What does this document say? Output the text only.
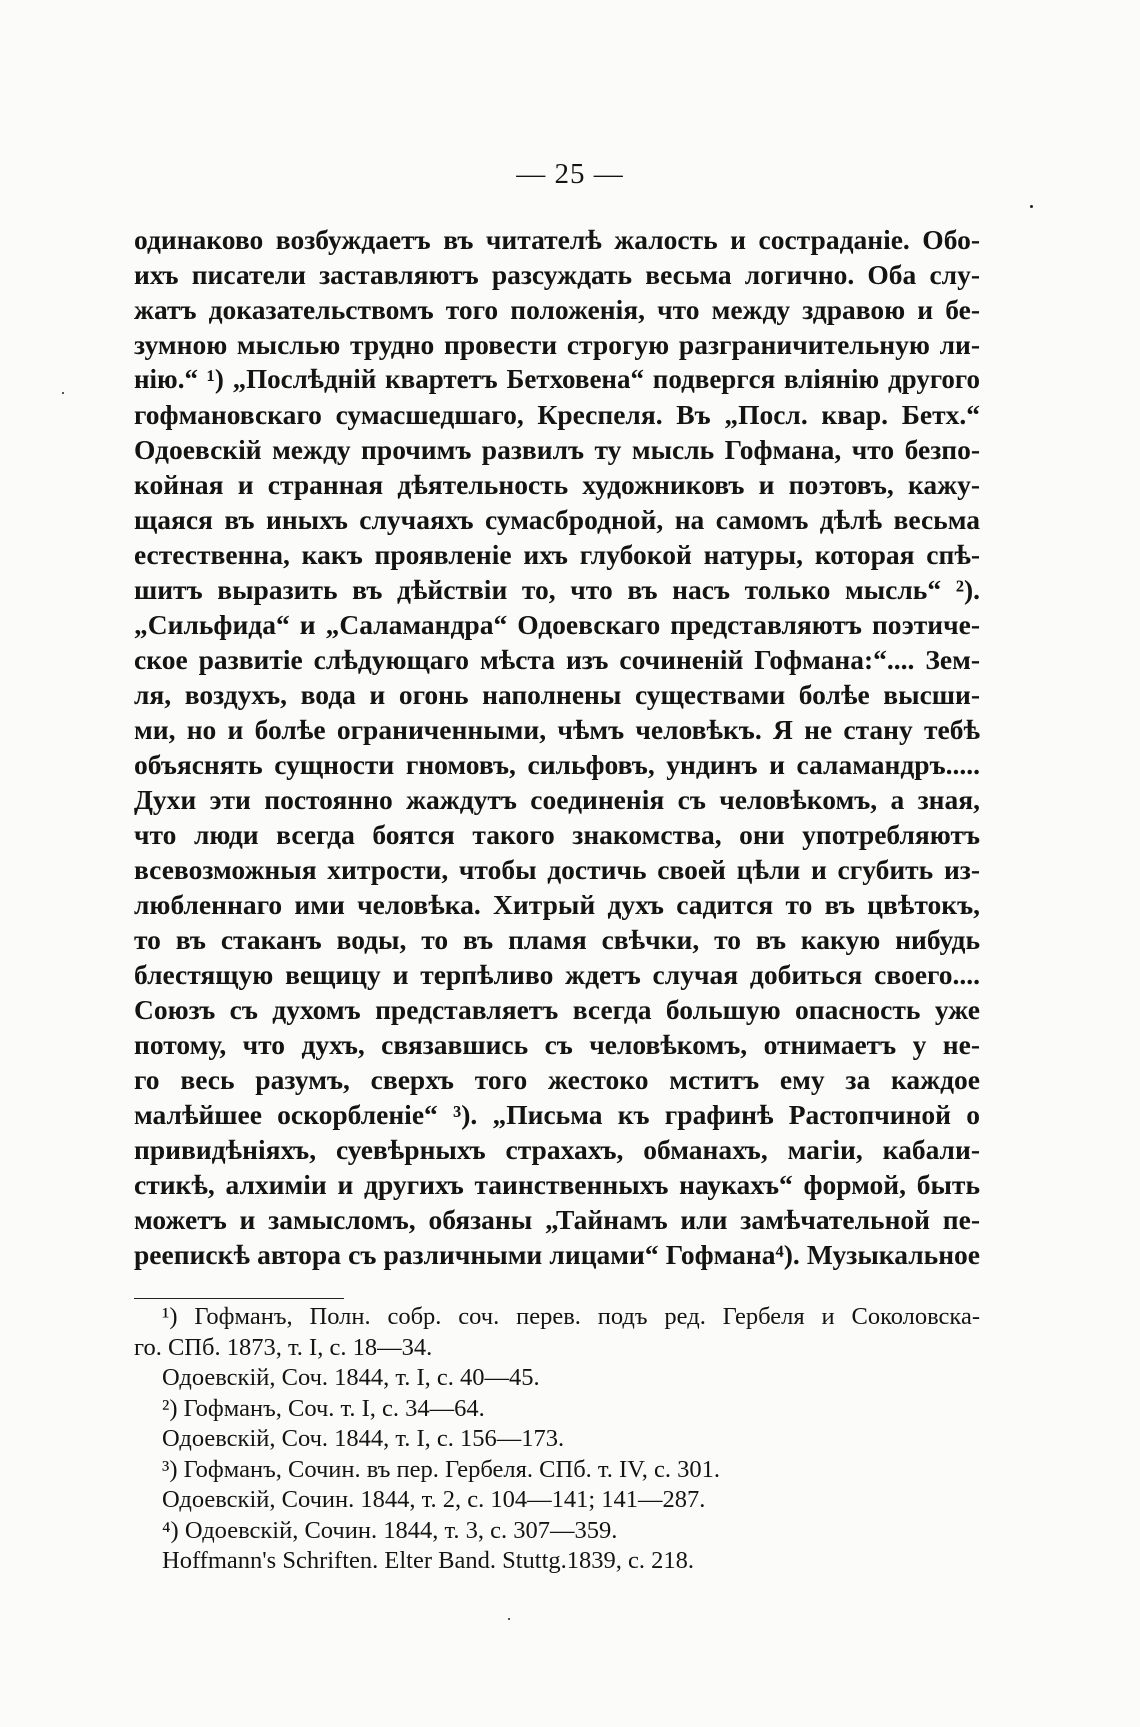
— 25 —
одинаково возбуждаетъ въ читателѣ жалость и состраданіе. Обо-
ихъ писатели заставляютъ разсуждать весьма логично. Оба слу-
жатъ доказательствомъ того положенія, что между здравою и бе-
зумною мыслью трудно провести строгую разграничительную ли-
нію.“ ¹) „Послѣдній квартетъ Бетховена“ подвергся вліянію другого
гофмановскаго сумасшедшаго, Креспеля. Въ „Посл. квар. Бетх.“
Одоевскій между прочимъ развилъ ту мысль Гофмана, что безпо-
койная и странная дѣятельность художниковъ и поэтовъ, кажу-
щаяся въ иныхъ случаяхъ сумасбродной, на самомъ дѣлѣ весьма
естественна, какъ проявленіе ихъ глубокой натуры, которая спѣ-
шитъ выразить въ дѣйствіи то, что въ насъ только мысль“ ²).
„Сильфида“ и „Саламандра“ Одоевскаго представляютъ поэтиче-
ское развитіе слѣдующаго мѣста изъ сочиненій Гофмана:“.... Зем-
ля, воздухъ, вода и огонь наполнены существами болѣе высши-
ми, но и болѣе ограниченными, чѣмъ человѣкъ. Я не стану тебѣ
объяснять сущности гномовъ, сильфовъ, ундинъ и саламандръ.....
Духи эти постоянно жаждутъ соединенія съ человѣкомъ, а зная,
что люди всегда боятся такого знакомства, они употребляютъ
всевозможныя хитрости, чтобы достичь своей цѣли и сгубить из-
любленнаго ими человѣка. Хитрый духъ садится то въ цвѣтокъ,
то въ стаканъ воды, то въ пламя свѣчки, то въ какую нибудь
блестящую вещицу и терпѣливо ждетъ случая добиться своего....
Союзъ съ духомъ представляетъ всегда большую опасность уже
потому, что духъ, связавшись съ человѣкомъ, отнимаетъ у не-
го весь разумъ, сверхъ того жестоко мститъ ему за каждое
малѣйшее оскорбленіе“ ³). „Письма къ графинѣ Растопчиной о
привидѣніяхъ, суевѣрныхъ страхахъ, обманахъ, магіи, кабали-
стикѣ, алхиміи и другихъ таинственныхъ наукахъ“ формой, быть
можетъ и замысломъ, обязаны „Тайнамъ или замѣчательной пе-
реепискѣ автора съ различными лицами“ Гофмана⁴). Музыкальное
¹) Гофманъ, Полн. собр. соч. перев. подъ ред. Гербеля и Соколовска-
го. СПб. 1873, т. I, с. 18—34.
Одоевскій, Соч. 1844, т. I, с. 40—45.
²) Гофманъ, Соч. т. I, с. 34—64.
Одоевскій, Соч. 1844, т. I, с. 156—173.
³) Гофманъ, Сочин. въ пер. Гербеля. СПб. т. IV, с. 301.
Одоевскій, Сочин. 1844, т. 2, с. 104—141; 141—287.
⁴) Одоевскій, Сочин. 1844, т. 3, с. 307—359.
Hoffmann's Schriften. Elter Band. Stuttg.1839, с. 218.
